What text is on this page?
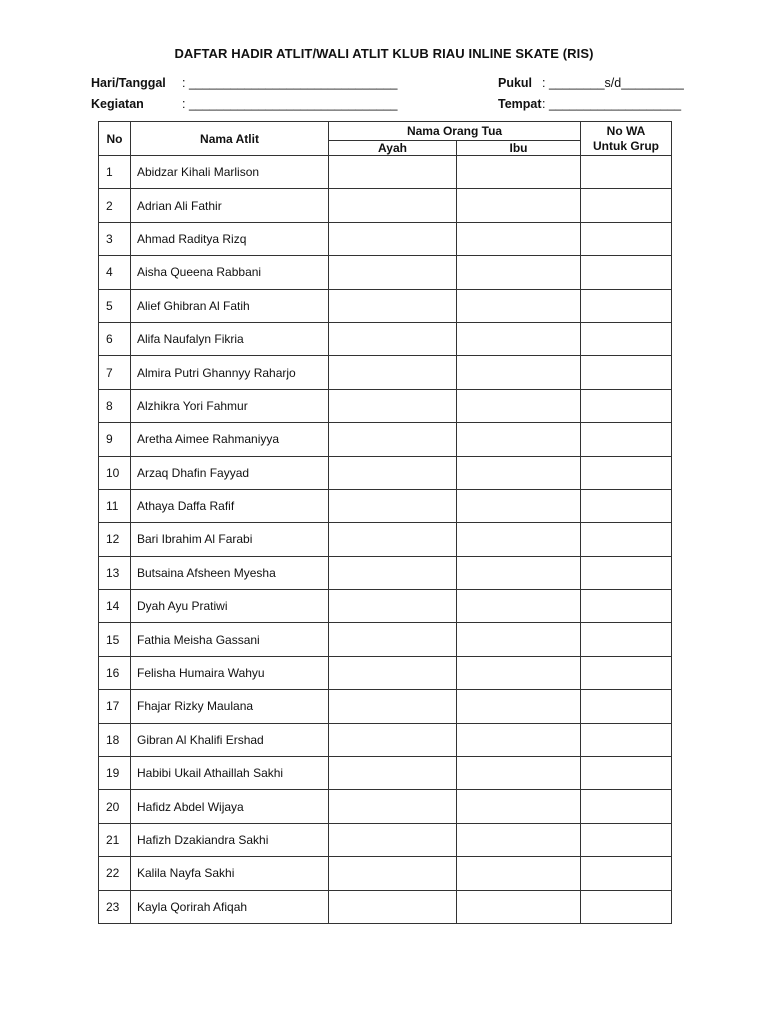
DAFTAR HADIR ATLIT/WALI ATLIT KLUB RIAU INLINE SKATE (RIS)
Hari/Tanggal : ______________________________
Kegiatan	: ______________________________
Pukul : ________s/d_________
Tempat: ___________________
No	Nama Atlit	Nama Orang Tua		No WA
Untuk Grup
		Ayah	Ibu	
1	Abidzar Kihali Marlison			
2	Adrian Ali Fathir			
3	Ahmad Raditya Rizq			
4	Aisha Queena Rabbani			
5	Alief Ghibran Al Fatih			
6	Alifa Naufalyn Fikria			
7	Almira Putri Ghannyy Raharjo			
8	Alzhikra Yori Fahmur			
9	Aretha Aimee Rahmaniyya			
10	Arzaq Dhafin Fayyad			
11	Athaya Daffa Rafif			
12	Bari Ibrahim Al Farabi			
13	Butsaina Afsheen Myesha			
14	Dyah Ayu Pratiwi			
15	Fathia Meisha Gassani			
16	Felisha Humaira Wahyu			
17	Fhajar Rizky Maulana			
18	Gibran Al Khalifi Ershad			
19	Habibi Ukail Athaillah Sakhi			
20	Hafidz Abdel Wijaya			
21	Hafizh Dzakiandra Sakhi			
22	Kalila Nayfa Sakhi			
23	Kayla Qorirah Afiqah			
